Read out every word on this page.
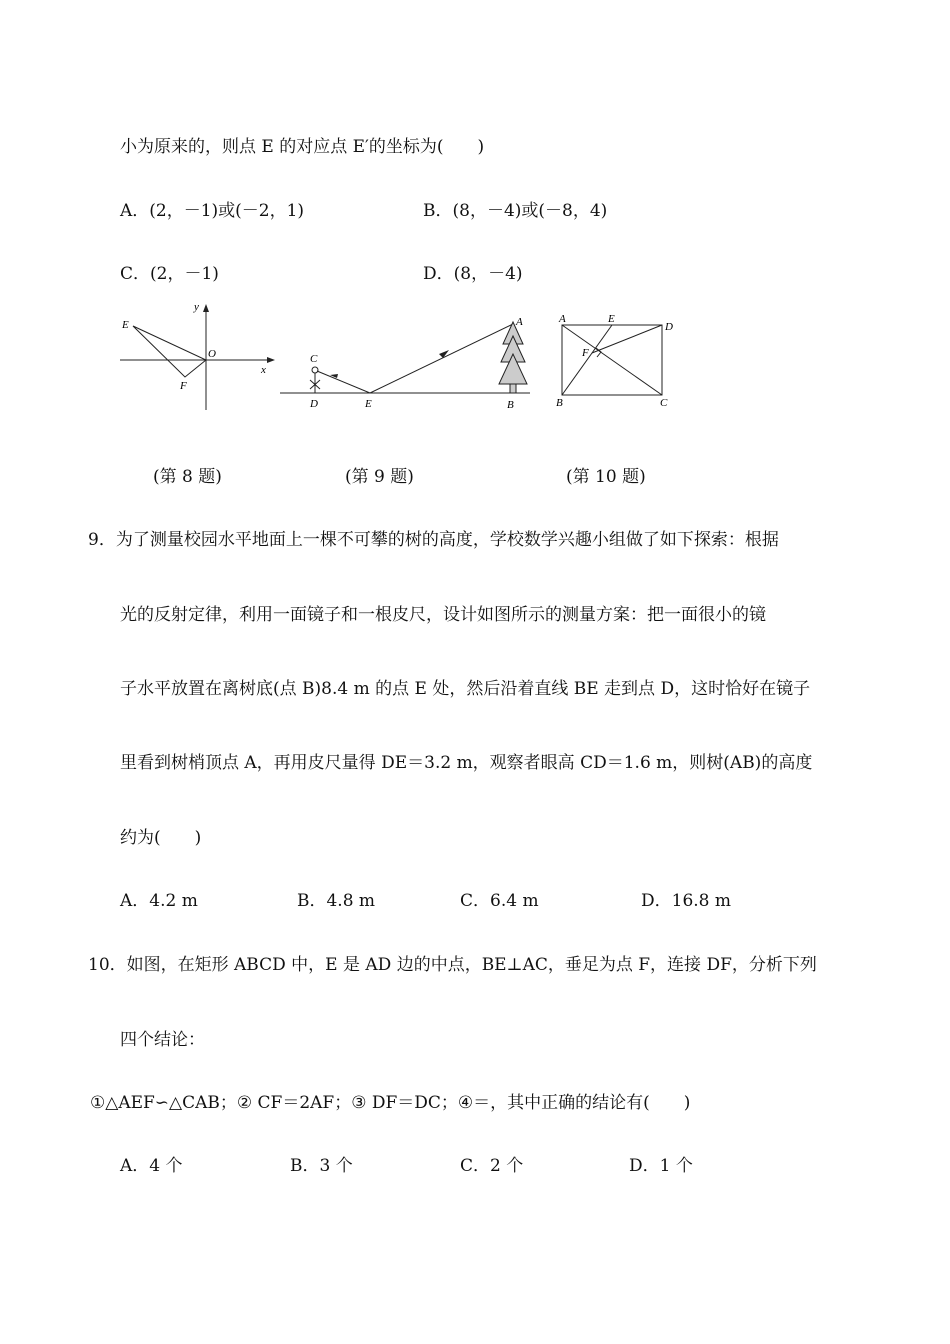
小为原来的，则点 E 的对应点 E′的坐标为(　　)
A．(2，－1)或(－2，1)	B．(8，－4)或(－8，4)
C．(2，－1)	D．(8，－4)
y
x
O
E
F
C
D	E
A
B
A	E
D
F
B	C
(第 8 题)	(第 9 题)	(第 10 题)
9．为了测量校园水平地面上一棵不可攀的树的高度，学校数学兴趣小组做了如下探索：根据
光的反射定律，利用一面镜子和一根皮尺，设计如图所示的测量方案：把一面很小的镜
子水平放置在离树底(点 B)8.4 m 的点 E 处，然后沿着直线 BE 走到点 D，这时恰好在镜子
里看到树梢顶点 A，再用皮尺量得 DE＝3.2 m，观察者眼高 CD＝1.6 m，则树(AB)的高度
约为(　　)
A．4.2 m	B．4.8 m	C．6.4 m	D．16.8 m
10．如图，在矩形 ABCD 中，E 是 AD 边的中点，BE⊥AC，垂足为点 F，连接 DF，分析下列
四个结论：
①△AEF∽△CAB；② CF＝2AF；③ DF＝DC；④＝，其中正确的结论有(　　)
A．4 个	B．3 个	C．2 个	D．1 个
